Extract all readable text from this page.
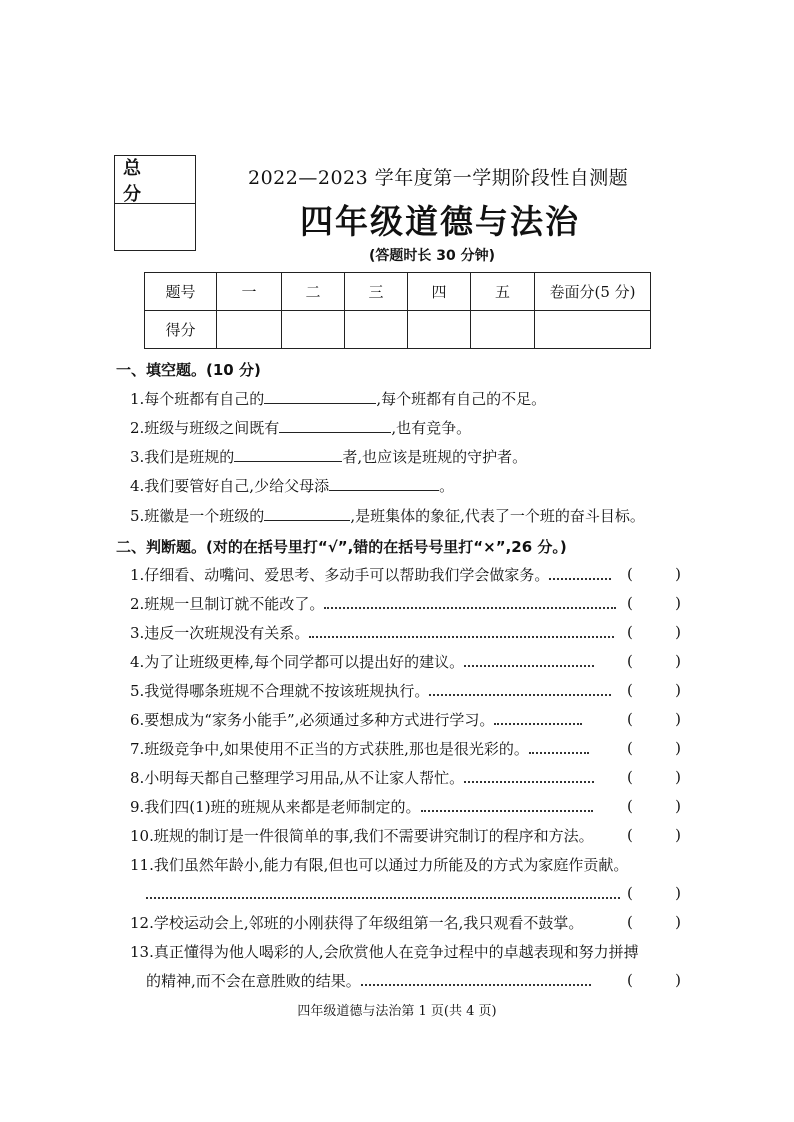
总 分
2022—2023 学年度第一学期阶段性自测题
四年级道德与法治
(答题时长 30 分钟)
题号	一	二	三	四	五	卷面分(5 分)
得分						
一、填空题。(10 分)
1.每个班都有自己的	,每个班都有自己的不足。
2.班级与班级之间既有	,也有竞争。
3.我们是班规的	者,也应该是班规的守护者。
4.我们要管好自己,少给父母添	。
5.班徽是一个班级的	,是班集体的象征,代表了一个班的奋斗目标。
二、判断题。(对的在括号里打“√”,错的在括号号里打“×”,26 分。)
1.仔细看、动嘴问、爱思考、多动手可以帮助我们学会做家务。	(	)
2.班规一旦制订就不能改了。	(	)
3.违反一次班规没有关系。	(	)
4.为了让班级更棒,每个同学都可以提出好的建议。	(	)
5.我觉得哪条班规不合理就不按该班规执行。	(	)
6.要想成为“家务小能手”,必须通过多种方式进行学习。	(	)
7.班级竞争中,如果使用不正当的方式获胜,那也是很光彩的。	(	)
8.小明每天都自己整理学习用品,从不让家人帮忙。	(	)
9.我们四(1)班的班规从来都是老师制定的。	(	)
10.班规的制订是一件很简单的事,我们不需要讲究制订的程序和方法。 (	)
11.我们虽然年龄小,能力有限,但也可以通过力所能及的方式为家庭作贡献。
(	)
12.学校运动会上,邻班的小刚获得了年级组第一名,我只观看不鼓掌。	(	)
13.真正懂得为他人喝彩的人,会欣赏他人在竞争过程中的卓越表现和努力拼搏
的精神,而不会在意胜败的结果。	(	)
四年级道德与法治第 1 页(共 4 页)
